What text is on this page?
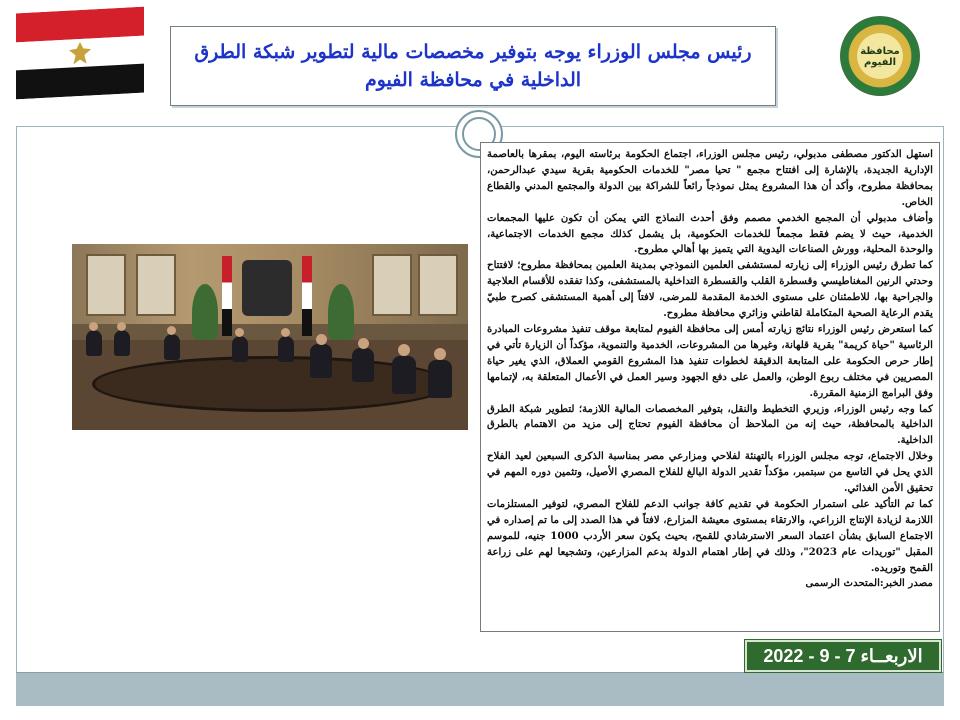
رئيس مجلس الوزراء يوجه بتوفير مخصصات مالية لتطوير شبكة الطرق
الداخلية في محافظة الفيوم
محافظة الفيوم

استهل الدكتور مصطفى مدبولي، رئيس مجلس الوزراء، اجتماع الحكومة برئاسته اليوم، بمقرها بالعاصمة الإدارية الجديدة، بالإشارة إلى افتتاح مجمع " تحيا مصر" للخدمات الحكومية بقرية سيدي عبدالرحمن، بمحافظة مطروح، وأكد أن هذا المشروع يمثل نموذجاً رائعاً للشراكة بين الدولة والمجتمع المدني والقطاع الخاص.

وأضاف مدبولي أن المجمع الخدمي مصمم وفق أحدث النماذج التي يمكن أن تكون عليها المجمعات الخدمية، حيث لا يضم فقط مجمعاً للخدمات الحكومية، بل يشمل كذلك مجمع الخدمات الاجتماعية، والوحدة المحلية، وورش الصناعات اليدوية التي يتميز بها أهالي مطروح.

كما تطرق رئيس الوزراء إلى زيارته لمستشفى العلمين النموذجي بمدينة العلمين بمحافظة مطروح؛ لافتتاح وحدتي الرنين المغناطيسي وقسطرة القلب والقسطرة التداخلية بالمستشفى، وكذا تفقده للأقسام العلاجية والجراحية بها، للاطمئنان على مستوى الخدمة المقدمة للمرضى، لافتاً إلى أهمية المستشفى كصرح طبيّ يقدم الرعاية الصحية المتكاملة لقاطني وزائري محافظة مطروح.

كما استعرض رئيس الوزراء نتائج زيارته أمس إلى محافظة الفيوم لمتابعة موقف تنفيذ مشروعات المبادرة الرئاسية "حياة كريمة" بقرية قلهانة، وغيرها من المشروعات، الخدمية والتنموية، مؤكداً أن الزيارة تأتي في إطار حرص الحكومة على المتابعة الدقيقة لخطوات تنفيذ هذا المشروع القومي العملاق، الذي يغير حياة المصريين في مختلف ربوع الوطن، والعمل على دفع الجهود وسير العمل في الأعمال المتعلقة به، لإتمامها وفق البرامج الزمنية المقررة.

كما وجه رئيس الوزراء، وزيري التخطيط والنقل، بتوفير المخصصات المالية اللازمة؛ لتطوير شبكة الطرق الداخلية بالمحافظة، حيث إنه من الملاحظ أن محافظة الفيوم تحتاج إلى مزيد من الاهتمام بالطرق الداخلية.

وخلال الاجتماع، توجه مجلس الوزراء بالتهنئة لفلاحي ومزارعي مصر بمناسبة الذكرى السبعين لعيد الفلاح الذي يحل في التاسع من سبتمبر، مؤكداً تقدير الدولة البالغ للفلاح المصري الأصيل، وتثمين دوره المهم في تحقيق الأمن الغذائي.

كما تم التأكيد على استمرار الحكومة في تقديم كافة جوانب الدعم للفلاح المصري، لتوفير المستلزمات اللازمة لزيادة الإنتاج الزراعي، والارتقاء بمستوى معيشة المزارع، لافتاً في هذا الصدد إلى ما تم إصداره في الاجتماع السابق بشأن اعتماد السعر الاسترشادي للقمح، بحيث يكون سعر الأردب 1000 جنيه، للموسم المقبل "توريدات عام 2023"، وذلك في إطار اهتمام الدولة بدعم المزارعين، وتشجيعا لهم على زراعة القمح وتوريده.

مصدر الخبر:المتحدث الرسمى

الاربعــاء 7 - 9 - 2022
